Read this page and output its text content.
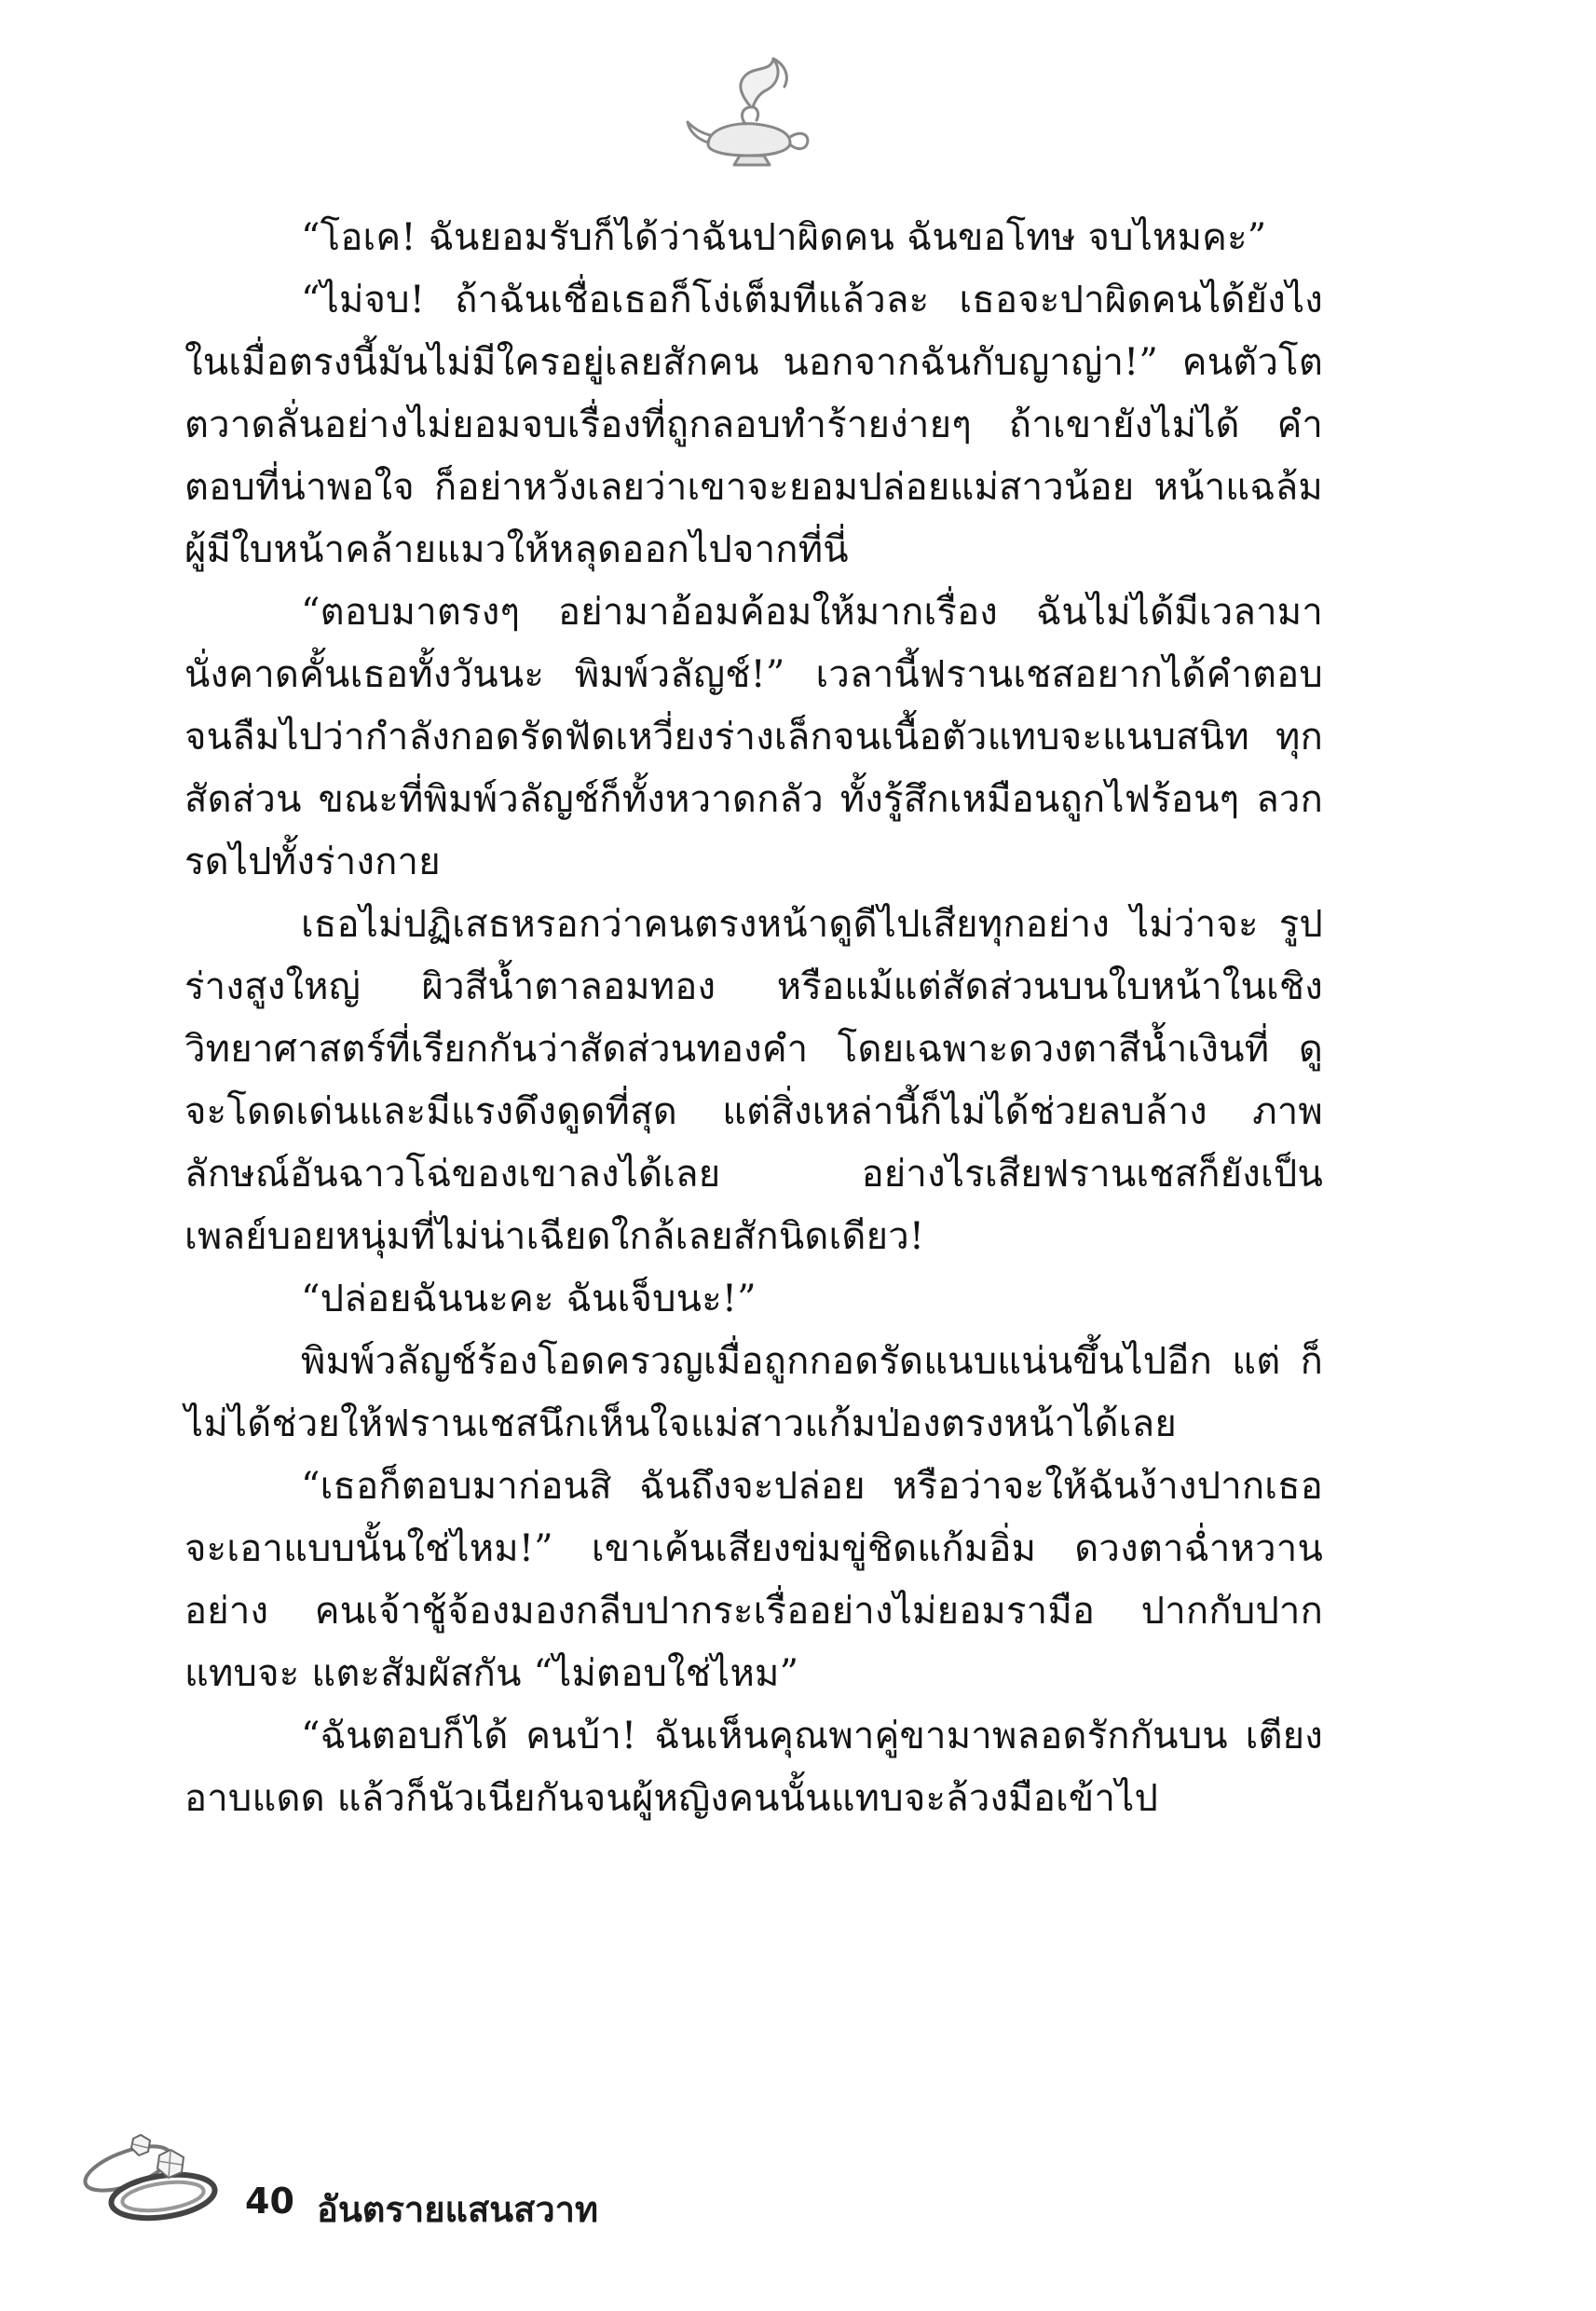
“โอเค! ฉันยอมรับก็ได้ว่าฉันปาผิดคน ฉันขอโทษ จบไหมคะ”

“ไม่จบ! ถ้าฉันเชื่อเธอก็โง่เต็มทีแล้วละ เธอจะปาผิดคนได้ยังไง ในเมื่อตรงนี้มันไม่มีใครอยู่เลยสักคน นอกจากฉันกับญาญ่า!” คนตัวโต ตวาดลั่นอย่างไม่ยอมจบเรื่องที่ถูกลอบทำร้ายง่ายๆ ถ้าเขายังไม่ได้ คำตอบที่น่าพอใจ ก็อย่าหวังเลยว่าเขาจะยอมปล่อยแม่สาวน้อย หน้าแฉล้มผู้มีใบหน้าคล้ายแมวให้หลุดออกไปจากที่นี่

“ตอบมาตรงๆ อย่ามาอ้อมค้อมให้มากเรื่อง ฉันไม่ได้มีเวลามา นั่งคาดคั้นเธอทั้งวันนะ พิมพ์วลัญช์!” เวลานี้ฟรานเชสอยากได้คำตอบ จนลืมไปว่ากำลังกอดรัดฟัดเหวี่ยงร่างเล็กจนเนื้อตัวแทบจะแนบสนิท ทุกสัดส่วน ขณะที่พิมพ์วลัญช์ก็ทั้งหวาดกลัว ทั้งรู้สึกเหมือนถูกไฟร้อนๆ ลวกรดไปทั้งร่างกาย

เธอไม่ปฏิเสธหรอกว่าคนตรงหน้าดูดีไปเสียทุกอย่าง ไม่ว่าจะ รูปร่างสูงใหญ่ ผิวสีน้ำตาลอมทอง หรือแม้แต่สัดส่วนบนใบหน้าในเชิง วิทยาศาสตร์ที่เรียกกันว่าสัดส่วนทองคำ โดยเฉพาะดวงตาสีน้ำเงินที่ ดูจะโดดเด่นและมีแรงดึงดูดที่สุด แต่สิ่งเหล่านี้ก็ไม่ได้ช่วยลบล้าง ภาพลักษณ์อันฉาวโฉ่ของเขาลงได้เลย อย่างไรเสียฟรานเชสก็ยังเป็น เพลย์บอยหนุ่มที่ไม่น่าเฉียดใกล้เลยสักนิดเดียว!

“ปล่อยฉันนะคะ ฉันเจ็บนะ!”

พิมพ์วลัญช์ร้องโอดครวญเมื่อถูกกอดรัดแนบแน่นขึ้นไปอีก แต่ ก็ไม่ได้ช่วยให้ฟรานเชสนึกเห็นใจแม่สาวแก้มป่องตรงหน้าได้เลย

“เธอก็ตอบมาก่อนสิ ฉันถึงจะปล่อย หรือว่าจะให้ฉันง้างปากเธอ จะเอาแบบนั้นใช่ไหม!” เขาเค้นเสียงข่มขู่ชิดแก้มอิ่ม ดวงตาฉ่ำหวานอย่าง คนเจ้าชู้จ้องมองกลีบปากระเรื่ออย่างไม่ยอมรามือ ปากกับปากแทบจะ แตะสัมผัสกัน “ไม่ตอบใช่ไหม”

“ฉันตอบก็ได้ คนบ้า! ฉันเห็นคุณพาคู่ขามาพลอดรักกันบน เตียงอาบแดด แล้วก็นัวเนียกันจนผู้หญิงคนนั้นแทบจะล้วงมือเข้าไป

40 อันตรายแสนสวาท
